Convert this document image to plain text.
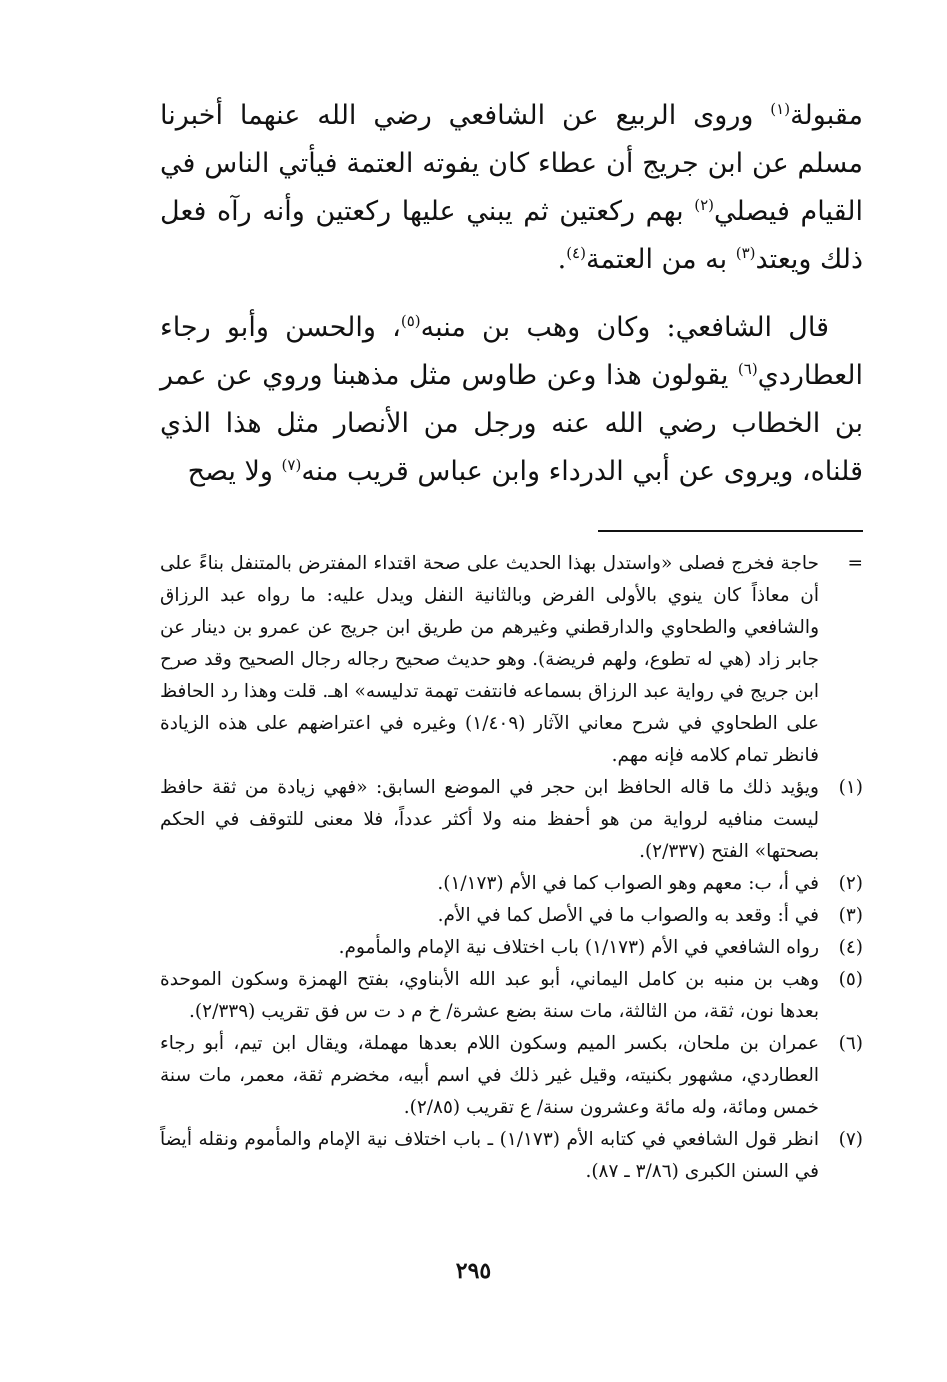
مقبولة$^{(١)}$ وروى الربيع عن الشافعي رضي الله عنهما أخبرنا مسلم عن ابن جريج أن عطاء كان يفوته العتمة فيأتي الناس في القيام فيصلي$^{(٢)}$ بهم ركعتين ثم يبني عليها ركعتين وأنه رآه فعل ذلك ويعتد$^{(٣)}$ به من العتمة$^{(٤)}$.

قال الشافعي: وكان وهب بن منبه$^{(٥)}$، والحسن وأبو رجاء العطاردي$^{(٦)}$ يقولون هذا وعن طاوس مثل مذهبنا وروي عن عمر بن الخطاب رضي الله عنه ورجل من الأنصار مثل هذا الذي قلناه، ويروى عن أبي الدرداء وابن عباس قريب منه$^{(٧)}$ ولا يصح

=
حاجة فخرج فصلى «واستدل بهذا الحديث على صحة اقتداء المفترض بالمتنفل بناءً على أن معاذاً كان ينوي بالأولى الفرض وبالثانية النفل ويدل عليه: ما رواه عبد الرزاق والشافعي والطحاوي والدارقطني وغيرهم من طريق ابن جريج عن عمرو بن دينار عن جابر زاد (هي له تطوع، ولهم فريضة). وهو حديث صحيح رجاله رجال الصحيح وقد صرح ابن جريج في رواية عبد الرزاق بسماعه فانتفت تهمة تدليسه» اهـ. قلت وهذا رد الحافظ على الطحاوي في شرح معاني الآثار (١/٤٠٩) وغيره في اعتراضهم على هذه الزيادة فانظر تمام كلامه فإنه مهم.
(١)
ويؤيد ذلك ما قاله الحافظ ابن حجر في الموضع السابق: «فهي زيادة من ثقة حافظ ليست منافيه لرواية من هو أحفظ منه ولا أكثر عدداً، فلا معنى للتوقف في الحكم بصحتها» الفتح (٢/٣٣٧).
(٢)
في أ، ب: معهم وهو الصواب كما في الأم (١/١٧٣).
(٣)
في أ: وقعد به والصواب ما في الأصل كما في الأم.
(٤)
رواه الشافعي في الأم (١/١٧٣) باب اختلاف نية الإمام والمأموم.
(٥)
وهب بن منبه بن كامل اليماني، أبو عبد الله الأبناوي، بفتح الهمزة وسكون الموحدة بعدها نون، ثقة، من الثالثة، مات سنة بضع عشرة/ خ م د ت س فق تقريب (٢/٣٣٩).
(٦)
عمران بن ملحان، بكسر الميم وسكون اللام بعدها مهملة، ويقال ابن تيم، أبو رجاء العطاردي، مشهور بكنيته، وقيل غير ذلك في اسم أبيه، مخضرم ثقة، معمر، مات سنة خمس ومائة، وله مائة وعشرون سنة/ ع تقريب (٢/٨٥).
(٧)
انظر قول الشافعي في كتابه الأم (١/١٧٣) ـ باب اختلاف نية الإمام والمأموم ونقله أيضاً في السنن الكبرى (٣/٨٦ ـ ٨٧).
٢٩٥
